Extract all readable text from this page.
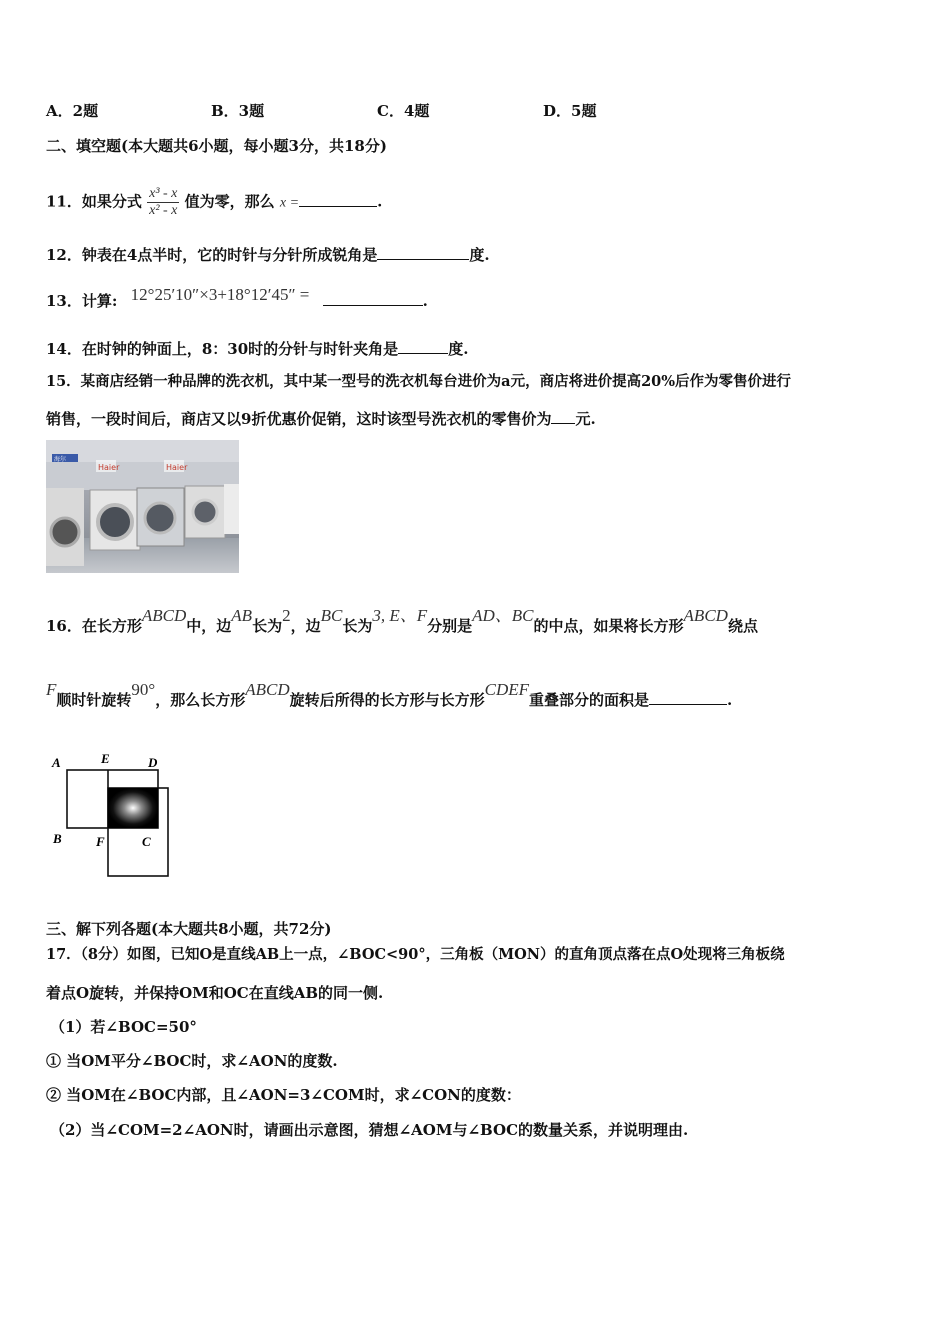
A．2题	B．3题	C．4题	D．5题
二、填空题(本大题共6小题，每小题3分，共18分)
11．如果分式 $\frac{\text{x³ - x}}{\text{x² - x}}$ 值为零，那么 x =	.
12．钟表在4点半时，它的时针与分针所成锐角是	度.
13．计算: 12°25′10″×3+18°12′45″ =	.
14．在时钟的钟面上，8：30时的分针与时针夹角是	度.
15．某商店经销一种品牌的洗衣机，其中某一型号的洗衣机每台进价为a元，商店将进价提高20%后作为零售价进行
销售，一段时间后，商店又以9折优惠价促销，这时该型号洗衣机的零售价为 元.
海尔
Haier	Haier
16．在长方形ABCD中，边AB长为2，边BC长为3, E、F分别是AD、BC的中点，如果将长方形ABCD绕点
F顺时针旋转90°，那么长方形ABCD旋转后所得的长方形与长方形CDEF重叠部分的面积是	.
A	E	D
B	F	C
三、解下列各题(本大题共8小题，共72分)
17．（8分）如图，已知O是直线AB上一点，∠BOC<90°，三角板（MON）的直角顶点落在点O处现将三角板绕
着点O旋转，并保持OM和OC在直线AB的同一侧.
（1）若∠BOC=50°
① 当OM平分∠BOC时，求∠AON的度数.
② 当OM在∠BOC内部，且∠AON=3∠COM时，求∠CON的度数：
（2）当∠COM=2∠AON时，请画出示意图，猜想∠AOM与∠BOC的数量关系，并说明理由.
